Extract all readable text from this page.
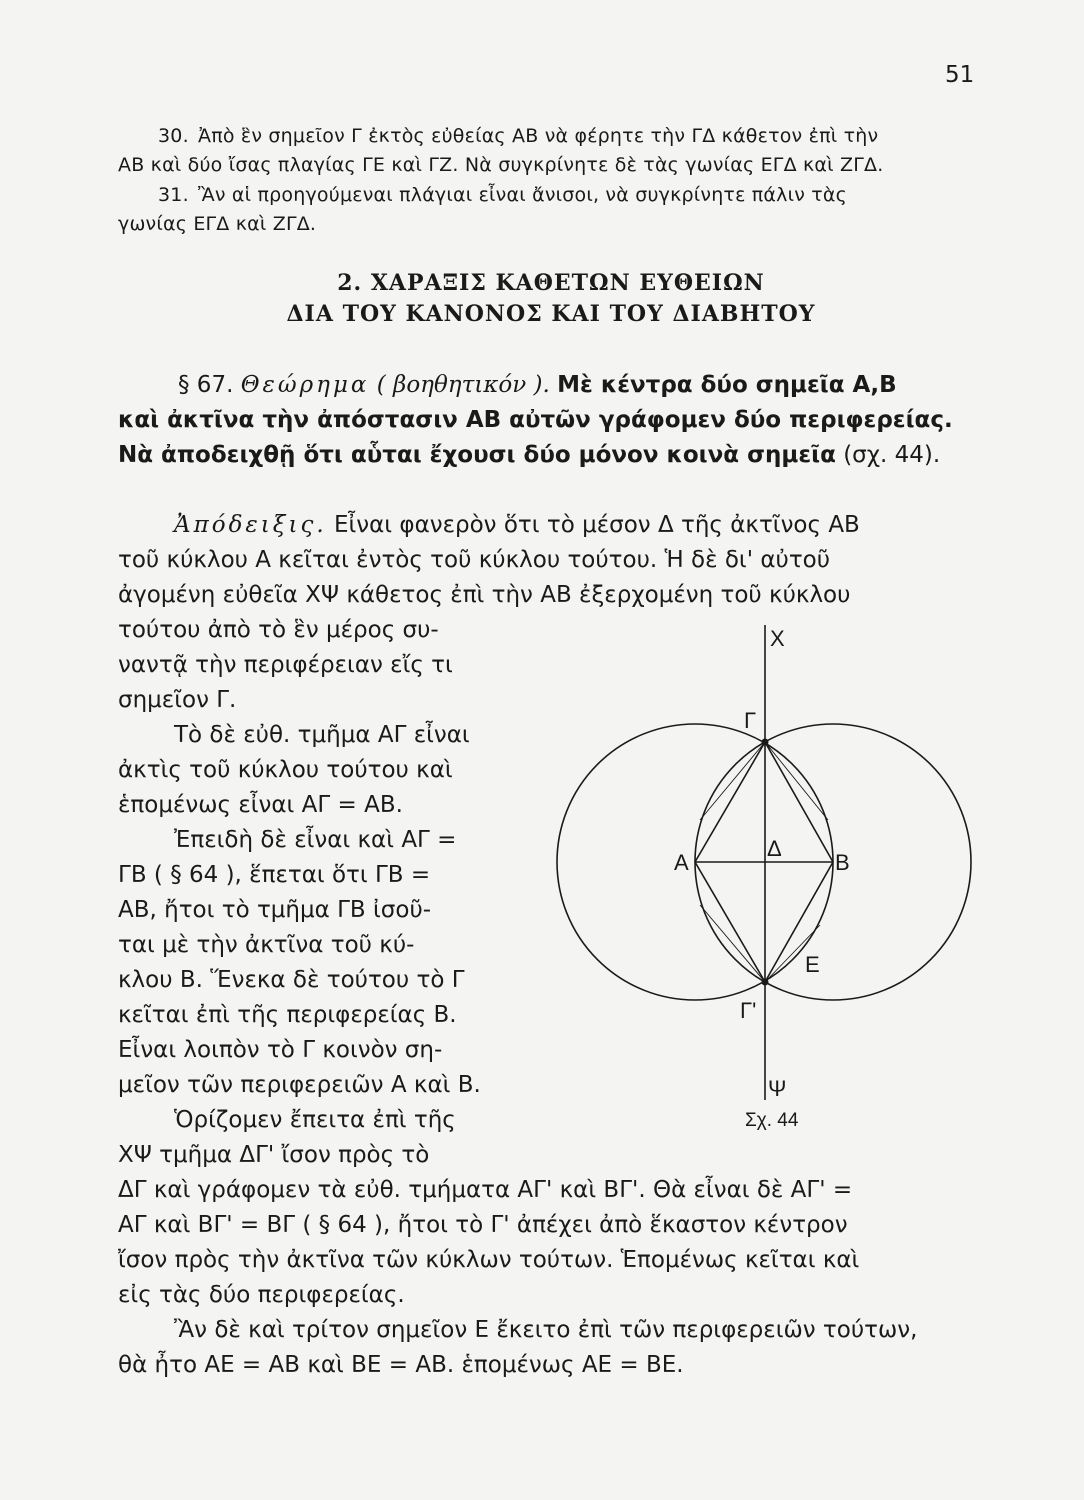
51
30. Ἀπὸ ἓν σημεῖον Γ ἐκτὸς εὐθείας ΑΒ νὰ φέρητε τὴν ΓΔ κάθετον ἐπὶ τὴν
ΑΒ καὶ δύο ἴσας πλαγίας ΓΕ καὶ ΓΖ. Νὰ συγκρίνητε δὲ τὰς γωνίας ΕΓΔ καὶ ΖΓΔ.
31. Ἂν αἱ προηγούμεναι πλάγιαι εἶναι ἄνισοι, νὰ συγκρίνητε πάλιν τὰς
γωνίας ΕΓΔ καὶ ΖΓΔ.
2. ΧΑΡΑΞΙΣ ΚΑΘΕΤΩΝ ΕΥΘΕΙΩΝ
ΔΙΑ ΤΟΥ ΚΑΝΟΝΟΣ ΚΑΙ ΤΟΥ ΔΙΑΒΗΤΟΥ
§ 67. Θεώρημα ( βοηθητικόν ). Μὲ κέντρα δύο σημεῖα Α,Β
καὶ ἀκτῖνα τὴν ἀπόστασιν ΑΒ αὐτῶν γράφομεν δύο περιφερείας.
Νὰ ἀποδειχθῇ ὅτι αὗται ἔχουσι δύο μόνον κοινὰ σημεῖα (σχ. 44).
Ἀπόδειξις. Εἶναι φανερὸν ὅτι τὸ μέσον Δ τῆς ἀκτῖνος ΑΒ
τοῦ κύκλου Α κεῖται ἐντὸς τοῦ κύκλου τούτου. Ἡ δὲ δι' αὐτοῦ
ἀγομένη εὐθεῖα ΧΨ κάθετος ἐπὶ τὴν ΑΒ ἐξερχομένη τοῦ κύκλου
τούτου ἀπὸ τὸ ἓν μέρος συ-
ναντᾷ τὴν περιφέρειαν εἴς τι
σημεῖον Γ.
Τὸ δὲ εὐθ. τμῆμα ΑΓ εἶναι
ἀκτὶς τοῦ κύκλου τούτου καὶ
ἑπομένως εἶναι ΑΓ = ΑΒ.
Ἐπειδὴ δὲ εἶναι καὶ ΑΓ =
ΓΒ ( § 64 ), ἕπεται ὅτι ΓΒ =
ΑΒ, ἤτοι τὸ τμῆμα ΓΒ ἰσοῦ-
ται μὲ τὴν ἀκτῖνα τοῦ κύ-
κλου Β. Ἕνεκα δὲ τούτου τὸ Γ
κεῖται ἐπὶ τῆς περιφερείας Β.
Εἶναι λοιπὸν τὸ Γ κοινὸν ση-
μεῖον τῶν περιφερειῶν Α καὶ Β.
Ὁρίζομεν ἔπειτα ἐπὶ τῆς
ΧΨ τμῆμα ΔΓ' ἴσον πρὸς τὸ
ΔΓ καὶ γράφομεν τὰ εὐθ. τμήματα ΑΓ' καὶ ΒΓ'. Θὰ εἶναι δὲ ΑΓ' =
ΑΓ καὶ ΒΓ' = ΒΓ ( § 64 ), ἤτοι τὸ Γ' ἀπέχει ἀπὸ ἕκαστον κέντρον
ἴσον πρὸς τὴν ἀκτῖνα τῶν κύκλων τούτων. Ἑπομένως κεῖται καὶ
εἰς τὰς δύο περιφερείας.
Ἂν δὲ καὶ τρίτον σημεῖον Ε ἔκειτο ἐπὶ τῶν περιφερειῶν τούτων,
θὰ ἦτο ΑΕ = ΑΒ καὶ ΒΕ = ΑΒ. ἑπομένως ΑΕ = ΒΕ.
Χ
Γ
Α
Δ
Β
Ε
Γ'
Ψ
Σχ. 44
